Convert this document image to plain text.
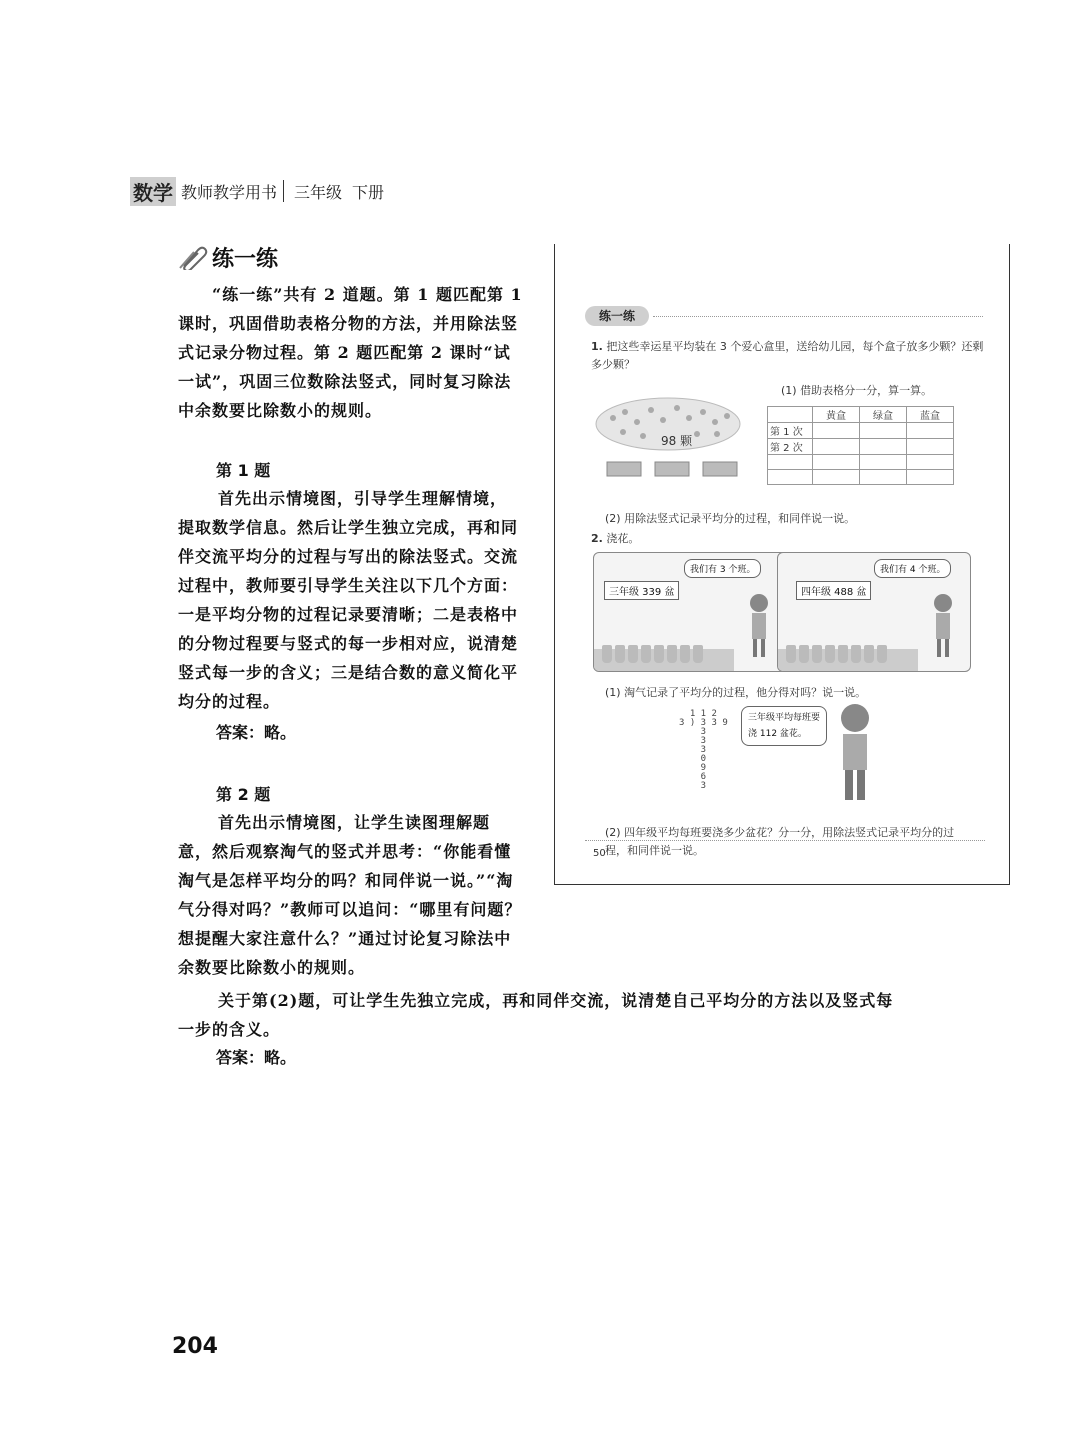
数学 教师教学用书 三年级 下册
练一练
“练一练”共有 2 道题。第 1 题匹配第 1 课时，巩固借助表格分物的方法，并用除法竖式记录分物过程。第 2 题匹配第 2 课时“试一试”，巩固三位数除法竖式，同时复习除法中余数要比除数小的规则。
第 1 题
首先出示情境图，引导学生理解情境，提取数学信息。然后让学生独立完成，再和同伴交流平均分的过程与写出的除法竖式。交流过程中，教师要引导学生关注以下几个方面：一是平均分物的过程记录要清晰；二是表格中的分物过程要与竖式的每一步相对应，说清楚竖式每一步的含义；三是结合数的意义简化平均分的过程。
答案：略。
第 2 题
首先出示情境图，让学生读图理解题意，然后观察淘气的竖式并思考：“你能看懂淘气是怎样平均分的吗？和同伴说一说。”“淘气分得对吗？”教师可以追问：“哪里有问题？想提醒大家注意什么？”通过讨论复习除法中余数要比除数小的规则。
关于第(2)题，可让学生先独立完成，再和同伴交流，说清楚自己平均分的方法以及竖式每一步的含义。
答案：略。
练一练
1. 把这些幸运星平均装在 3 个爱心盒里，送给幼儿园，每个盒子放多少颗？还剩多少颗？
(1) 借助表格分一分，算一算。
98 颗
	黄盒	绿盒	蓝盒
第 1 次			
第 2 次			

(2) 用除法竖式记录平均分的过程，和同伴说一说。
2. 浇花。
三年级 339 盆
我们有 3 个班。
四年级 488 盆
我们有 4 个班。
(1) 淘气记录了平均分的过程，他分得对吗？说一说。
1 1 2
3 ) 3 3 9
3
3
3
0
9
6
3
三年级平均每班要浇 112 盆花。
(2) 四年级平均每班要浇多少盆花？分一分，用除法竖式记录平均分的过程，和同伴说一说。
50
204
